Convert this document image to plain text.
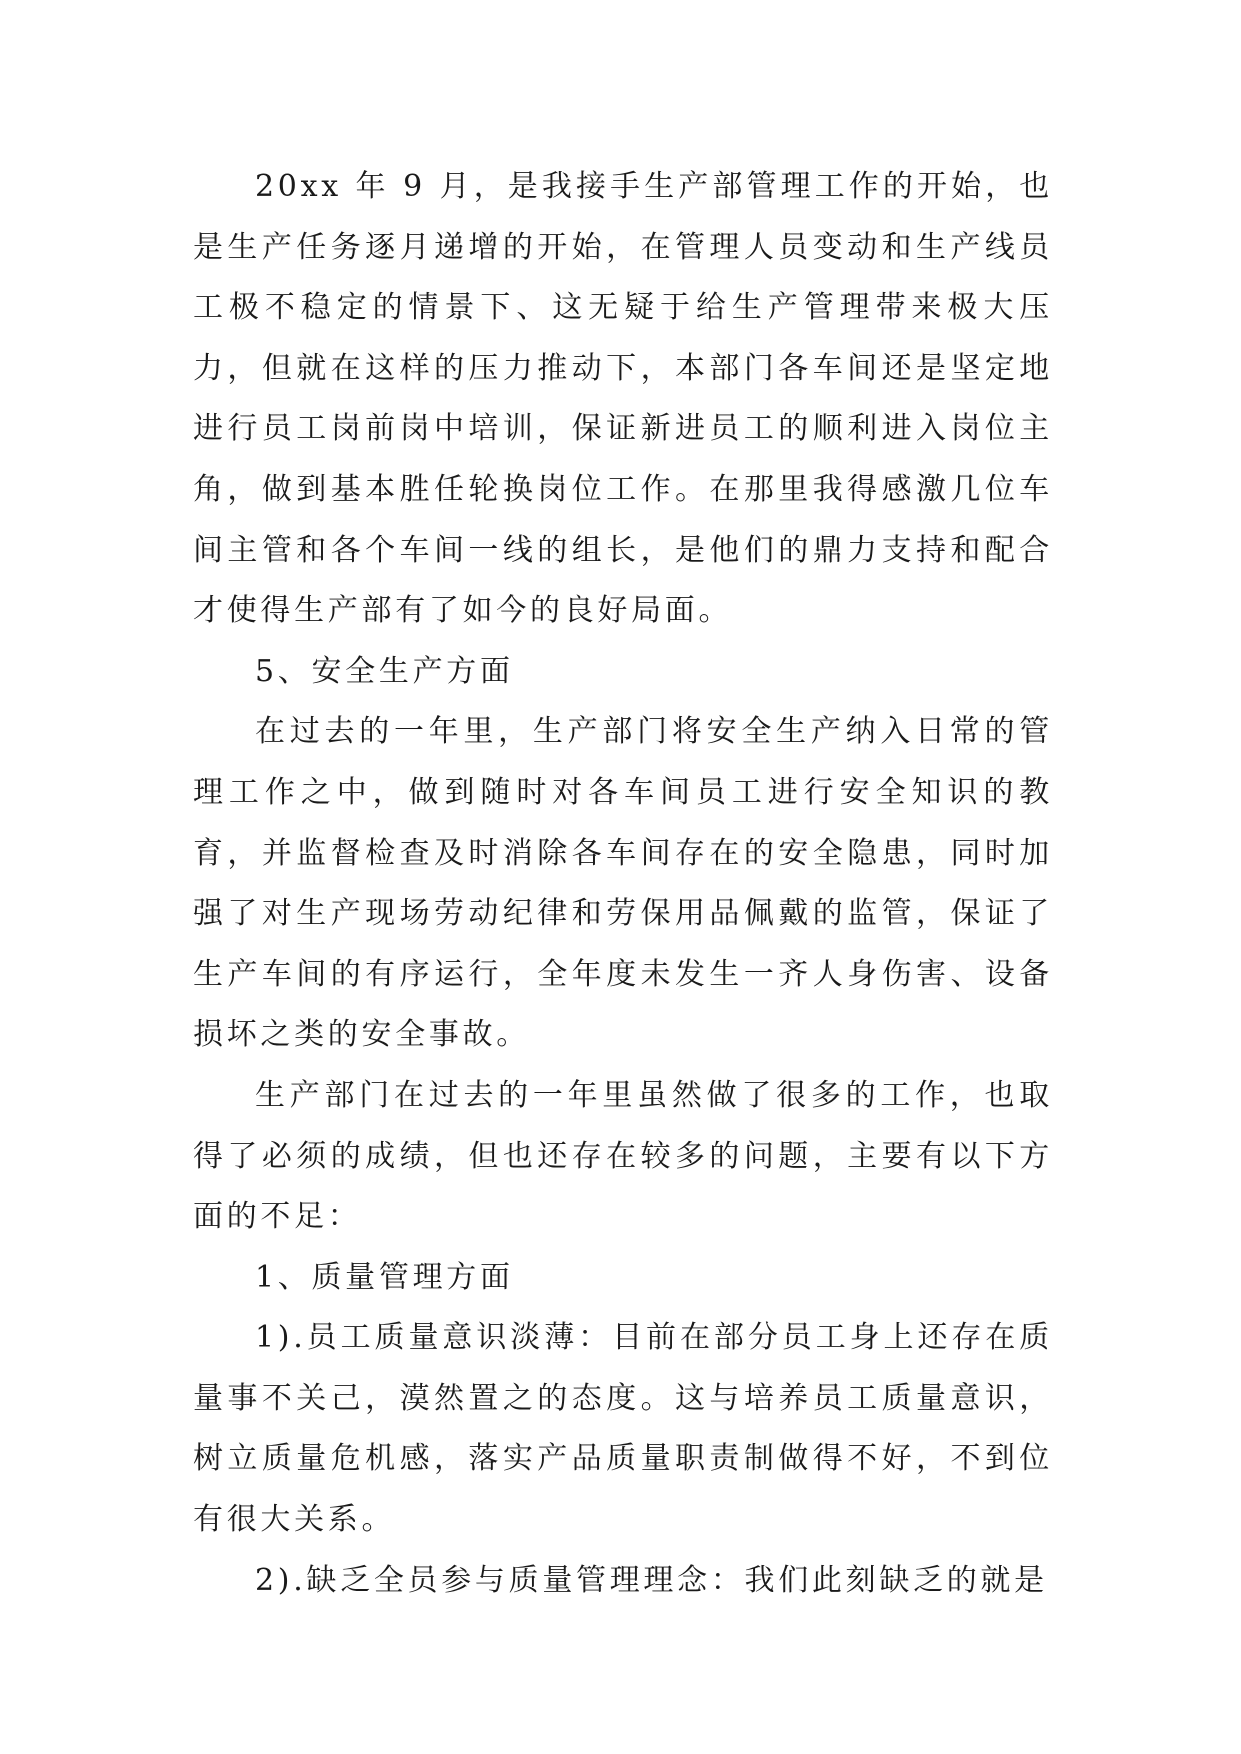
20xx 年 9 月，是我接手生产部管理工作的开始，也是生产任务逐月递增的开始，在管理人员变动和生产线员工极不稳定的情景下、这无疑于给生产管理带来极大压力，但就在这样的压力推动下，本部门各车间还是坚定地进行员工岗前岗中培训，保证新进员工的顺利进入岗位主角，做到基本胜任轮换岗位工作。在那里我得感激几位车间主管和各个车间一线的组长，是他们的鼎力支持和配合才使得生产部有了如今的良好局面。

5、安全生产方面

在过去的一年里，生产部门将安全生产纳入日常的管理工作之中，做到随时对各车间员工进行安全知识的教育，并监督检查及时消除各车间存在的安全隐患，同时加强了对生产现场劳动纪律和劳保用品佩戴的监管，保证了生产车间的有序运行，全年度未发生一齐人身伤害、设备损坏之类的安全事故。

生产部门在过去的一年里虽然做了很多的工作，也取得了必须的成绩，但也还存在较多的问题，主要有以下方面的不足：

1、质量管理方面

1).员工质量意识淡薄：目前在部分员工身上还存在质量事不关己，漠然置之的态度。这与培养员工质量意识，树立质量危机感，落实产品质量职责制做得不好，不到位有很大关系。

2).缺乏全员参与质量管理理念：我们此刻缺乏的就是
